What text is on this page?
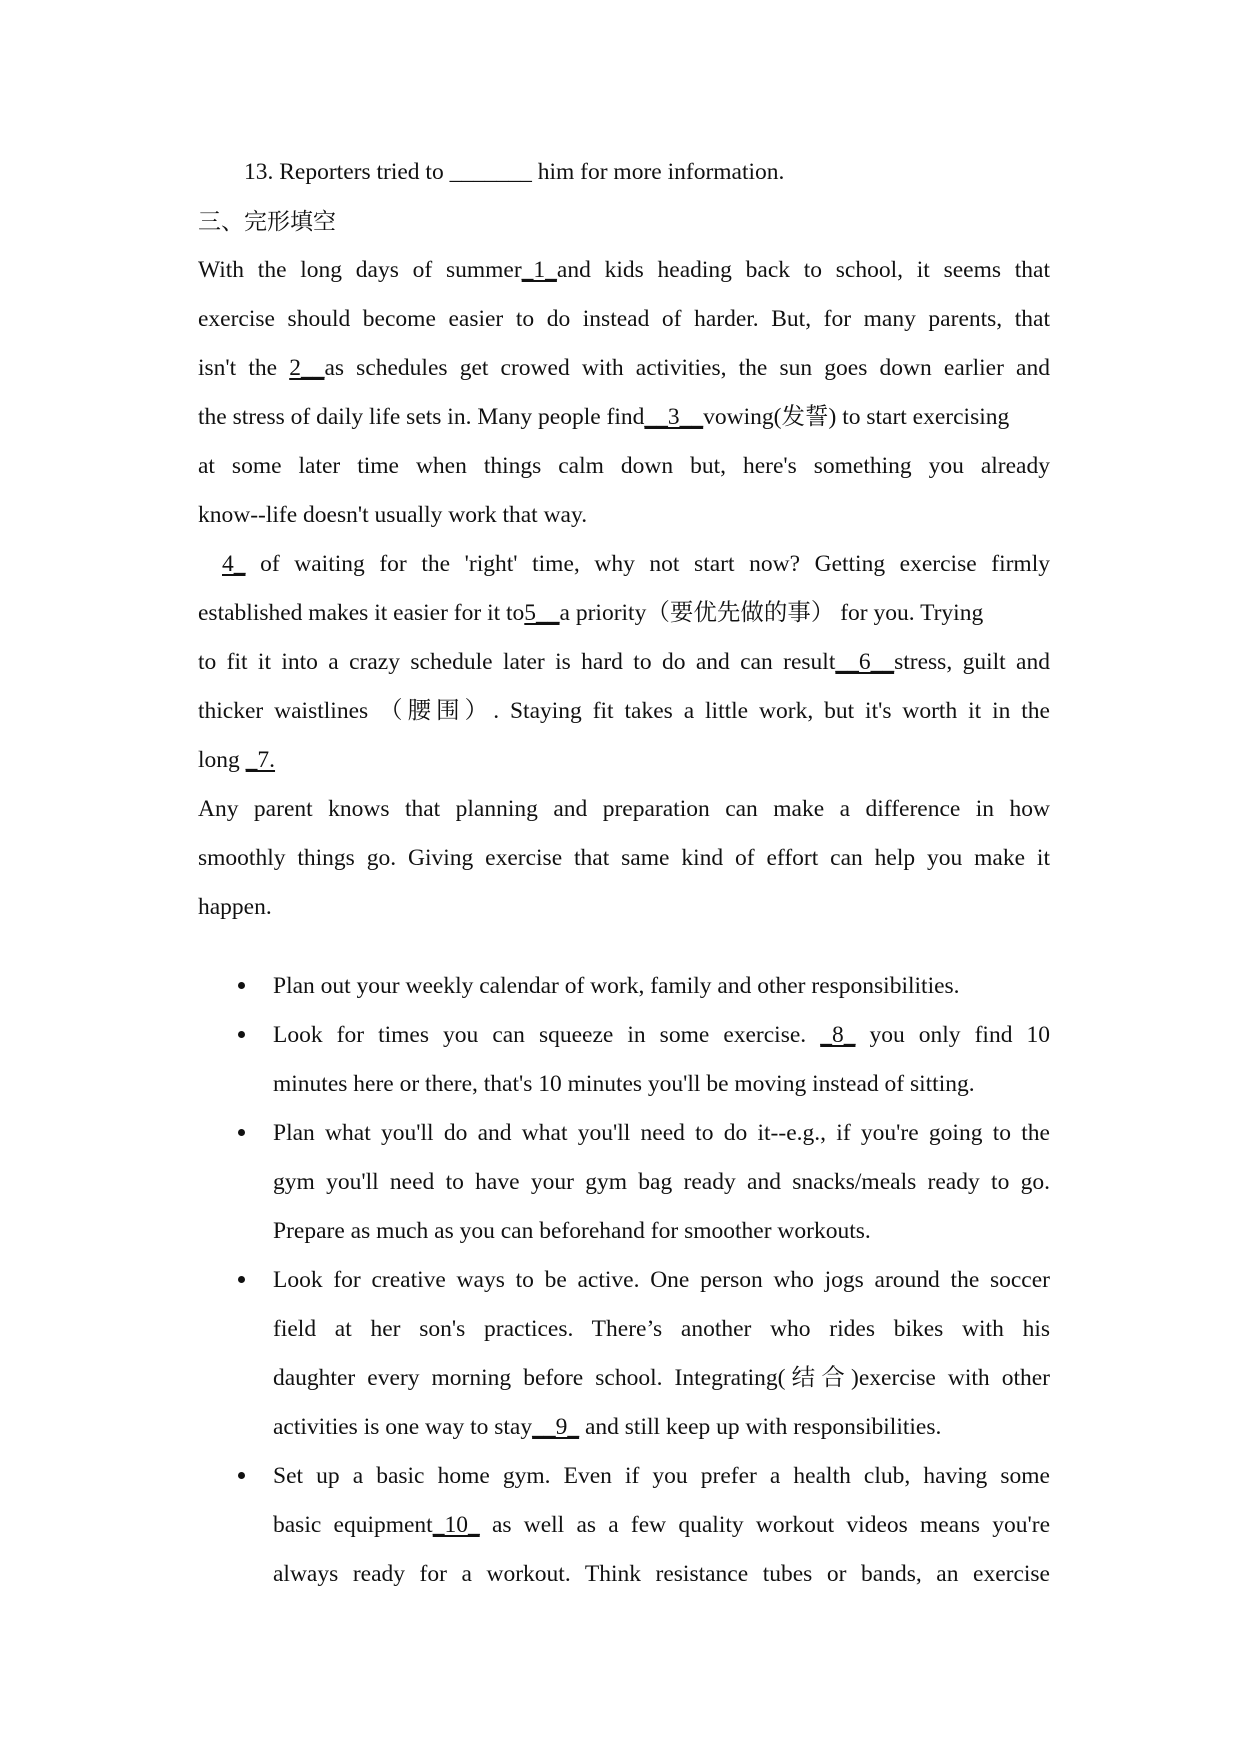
13. Reporters tried to _______ him for more information.
三、完形填空
With the long days of summer_1_and kids heading back to school, it seems that
exercise should become easier to do instead of harder. But, for many parents, that
isn't the 2__as schedules get crowed with activities, the sun goes down earlier and
the stress of daily life sets in. Many people find__3__vowing(发誓) to start exercising
at some later time when things calm down but, here's something you already
know--life doesn't usually work that way.
4_ of waiting for the 'right' time, why not start now? Getting exercise firmly
established makes it easier for it to5__a priority（要优先做的事） for you. Trying
to fit it into a crazy schedule later is hard to do and can result__6__stress, guilt and
thicker waistlines （腰围）. Staying fit takes a little work, but it's worth it in the
long _7.
Any parent knows that planning and preparation can make a difference in how
smoothly things go. Giving exercise that same kind of effort can help you make it
happen.
Plan out your weekly calendar of work, family and other responsibilities.
Look for times you can squeeze in some exercise. _8_ you only find 10
minutes here or there, that's 10 minutes you'll be moving instead of sitting.
Plan what you'll do and what you'll need to do it--e.g., if you're going to the
gym you'll need to have your gym bag ready and snacks/meals ready to go.
Prepare as much as you can beforehand for smoother workouts.
Look for creative ways to be active. One person who jogs around the soccer
field at her son's practices. There’s another who rides bikes with his
daughter every morning before school. Integrating(结合)exercise with other
activities is one way to stay__9_ and still keep up with responsibilities.
Set up a basic home gym. Even if you prefer a health club, having some
basic equipment_10_ as well as a few quality workout videos means you're
always ready for a workout. Think resistance tubes or bands, an exercise
